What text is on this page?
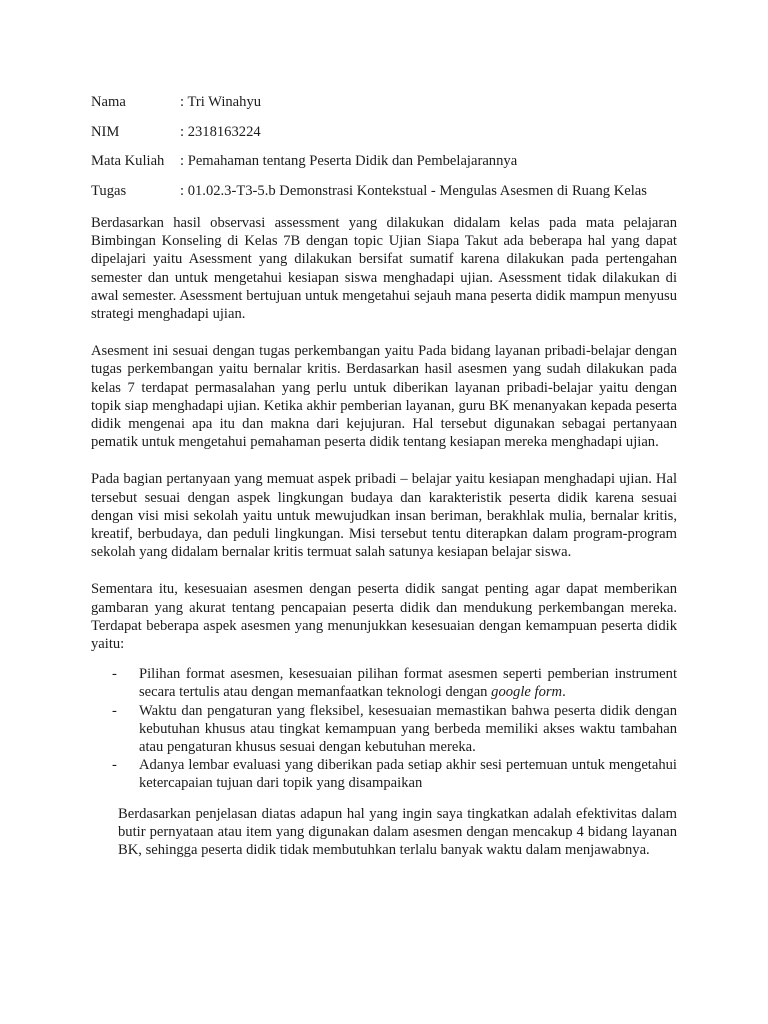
Nama	: Tri Winahyu
NIM	: 2318163224
Mata Kuliah	: Pemahaman tentang Peserta Didik dan Pembelajarannya
Tugas	: 01.02.3-T3-5.b Demonstrasi Kontekstual - Mengulas Asesmen di Ruang Kelas

Berdasarkan hasil observasi assessment yang dilakukan didalam kelas pada mata pelajaran Bimbingan Konseling di Kelas 7B dengan topic Ujian Siapa Takut ada beberapa hal yang dapat dipelajari yaitu Asessment yang dilakukan bersifat sumatif karena dilakukan pada pertengahan semester dan untuk mengetahui kesiapan siswa menghadapi ujian. Asessment tidak dilakukan di awal semester. Asessment bertujuan untuk mengetahui sejauh mana peserta didik mampun menyusu strategi menghadapi ujian.

Asesment ini sesuai dengan tugas perkembangan yaitu Pada bidang layanan pribadi-belajar dengan tugas perkembangan yaitu bernalar kritis. Berdasarkan hasil asesmen yang sudah dilakukan pada kelas 7 terdapat permasalahan yang perlu untuk diberikan layanan pribadi-belajar yaitu dengan topik siap menghadapi ujian. Ketika akhir pemberian layanan, guru BK menanyakan kepada peserta didik mengenai apa itu dan makna dari kejujuran. Hal tersebut digunakan sebagai pertanyaan pematik untuk mengetahui pemahaman peserta didik tentang kesiapan mereka menghadapi ujian.

Pada bagian pertanyaan yang memuat aspek pribadi – belajar yaitu kesiapan menghadapi ujian. Hal tersebut sesuai dengan aspek lingkungan budaya dan karakteristik peserta didik karena sesuai dengan visi misi sekolah yaitu untuk mewujudkan insan beriman, berakhlak mulia, bernalar kritis, kreatif, berbudaya, dan peduli lingkungan. Misi tersebut tentu diterapkan dalam program-program sekolah yang didalam bernalar kritis termuat salah satunya kesiapan belajar siswa.

Sementara itu, kesesuaian asesmen dengan peserta didik sangat penting agar dapat memberikan gambaran yang akurat tentang pencapaian peserta didik dan mendukung perkembangan mereka. Terdapat beberapa aspek asesmen yang menunjukkan kesesuaian dengan kemampuan peserta didik yaitu:

-	Pilihan format asesmen, kesesuaian pilihan format asesmen seperti pemberian instrument secara tertulis atau dengan memanfaatkan teknologi dengan google form.
-	Waktu dan pengaturan yang fleksibel, kesesuaian memastikan bahwa peserta didik dengan kebutuhan khusus atau tingkat kemampuan yang berbeda memiliki akses waktu tambahan atau pengaturan khusus sesuai dengan kebutuhan mereka.
-	Adanya lembar evaluasi yang diberikan pada setiap akhir sesi pertemuan untuk mengetahui ketercapaian tujuan dari topik yang disampaikan

Berdasarkan penjelasan diatas adapun hal yang ingin saya tingkatkan adalah efektivitas dalam butir pernyataan atau item yang digunakan dalam asesmen dengan mencakup 4 bidang layanan BK, sehingga peserta didik tidak membutuhkan terlalu banyak waktu dalam menjawabnya.
